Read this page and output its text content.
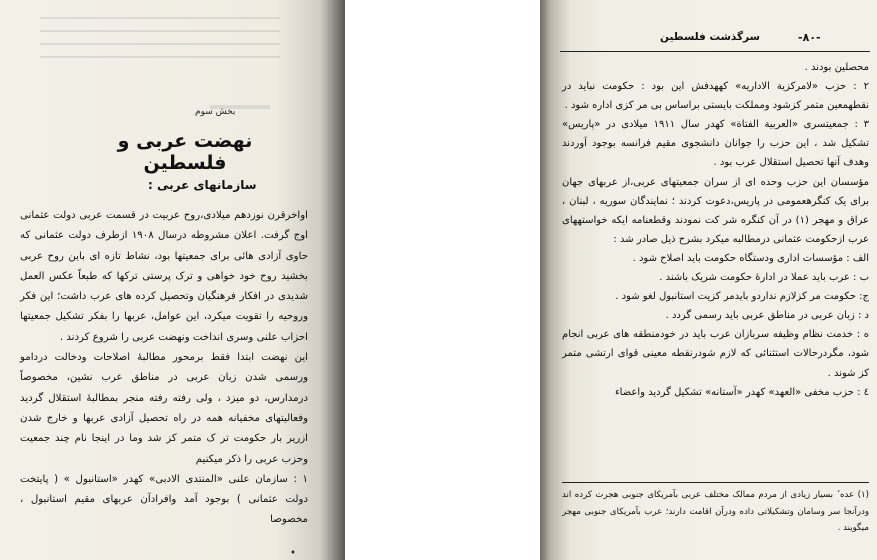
بخش سوم
نهضت عربی و فلسطین
سازمانهای عربی :

اواخرقرن نوزدهم میلادی،روح عربیت در قسمت عربی دولت عثمانی اوج گرفت. اعلان مشروطه درسال ۱۹۰۸ ازطرف دولت عثمانی که حاوی آزادی هائی برای جمعیتها بود، نشاط تازه ای باین روح عربی بخشید روح خود خواهی و ترک پرستی ترکها که طبعاً عکس العمل شدیدی در افکار فرهنگیان وتحصیل کرده های عرب داشت؛ این فکر وروحیه را تقویت میکرد، این عوامل، عربها را بفکر تشکیل جمعیتها احزاب علنی وسری انداخت ونهضت عربی را شروع کردند .

این نهضت ابتدا فقط برمحور مطالبهٔ اصلاحات ودخالت دردامو ورسمی شدن زبان عربی در مناطق عرب نشین، مخصوصاً درمدارس، دو میزد ، ولی رفته رفته منجر بمطالبهٔ استقلال گردید وفعالیتهای مخفیانه همه در راه تحصیل آزادی عربها و خارج شدن ازریر بار حکومت تر ک متمر کز شد وما در اینجا نام چند جمعیت وحزب عربی را ذکر میکنیم

۱ : سازمان علنی «المنتدی الادبی» کهدر «استانبول » ( پایتخت دولت عثمانی ) بوجود آمد وافرادآن عربهای مقیم استانبول ، مخصوصا

•
-۸۰-
سرگذشت فلسطین

محصلین بودند .

۲ : حزب «لامرکزیة الاداریه» کههدفش این بود : حکومت نباید در نقطهمعین متمر کزشود ومملکت بایستی براساس بی مر کزی اداره شود .

۳ : جمعیتسری «العربیة الفتاة» کهدر سال ۱۹۱۱ میلادی در «پاریس» تشکیل شد ، این حزب را جوانان دانشجوی مقیم فرانسه بوجود آوردند وهدف آنها تحصیل استقلال عرب بود .

مؤسسان این حزب وحده ای از سران جمعیتهای عربی،از عربهای جهان برای یک کنگرهعمومی در پاریس،دعوت کردند ؛ نمایندگان سوریه ، لبنان ، عراق و مهجر (۱) در آن کنگره شر کت نمودند وقطعنامه ایکه خواستههای عرب ازحکومت عثمانی درمطالبه میکرد بشرح ذیل صادر شد :

الف : مؤسسات اداری ودستگاه حکومت باید اصلاح شود .

ب : عرب باید عملا در ادارهٔ حکومت شریک باشند .

ج: حکومت مر کزلازم نداردو بایدمر کزیت استانبول لغو شود .

د : زبان عربی در مناطق عربی باید رسمی گردد .

ه : خدمت نظام وظیفه سربازان عرب باید در خودمنطقه های عربی انجام شود، مگردرحالات استثنائی که لازم شودرنقطه معینی قوای ارتشی متمر کز شوند .

٤ : حزب مخفی «العهد» کهدر «آستانه» تشکیل گردید واعضاء

(۱) عده ٔ بسیار زیادی از مردم ممالک مختلف عربی بآمریکای جنوبی هجرت کرده اند ودرآنجا سر وسامان وتشکیلاتی داده ودرآن اقامت دارند؛ عرب بآمریکای جنوبی مهجر میگویند .
